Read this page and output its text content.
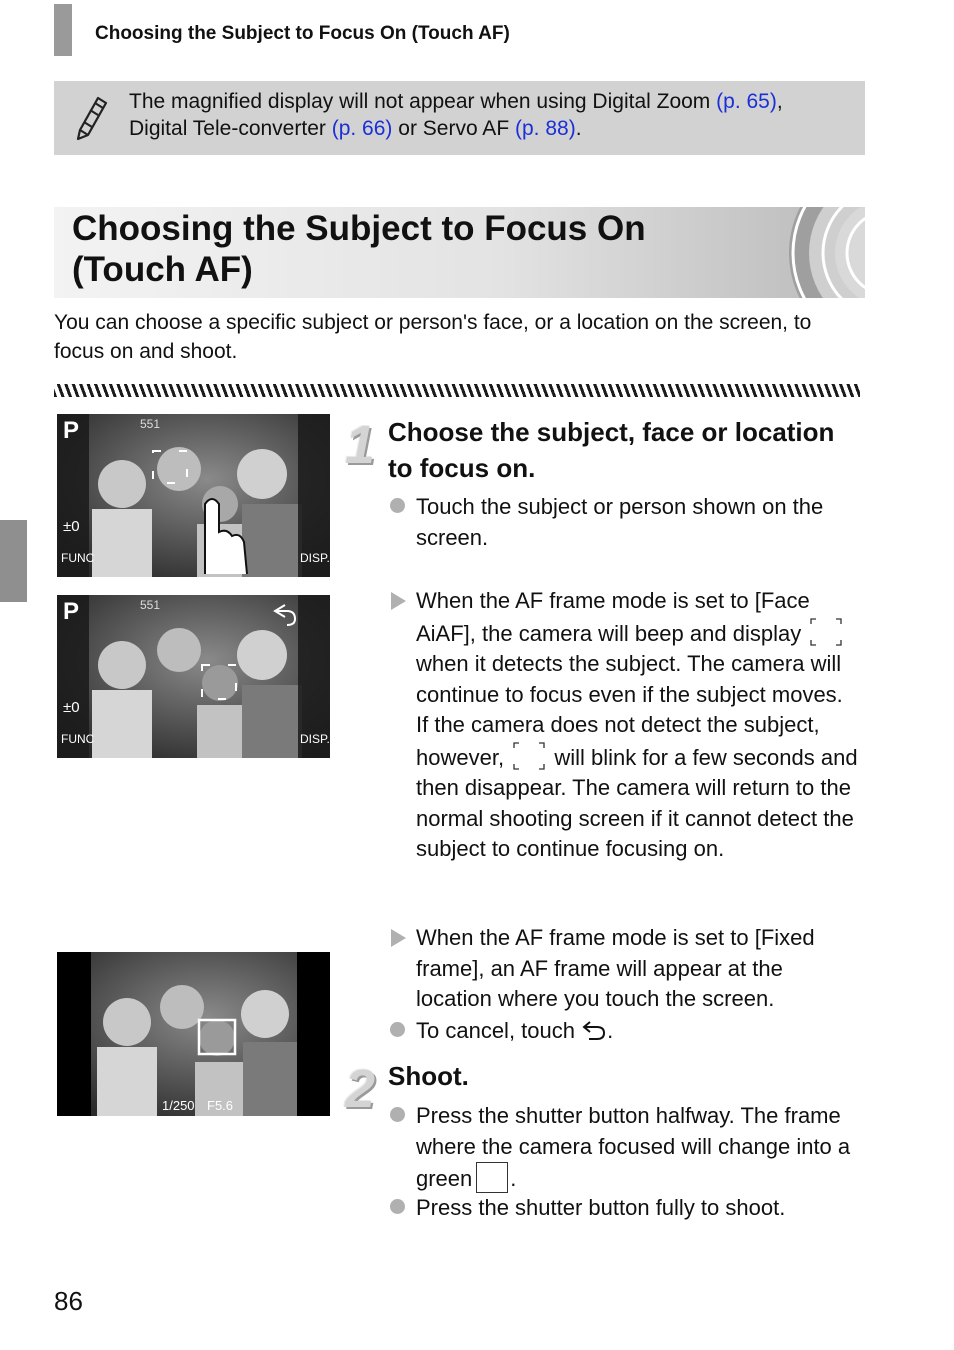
Choosing the Subject to Focus On (Touch AF)
The magnified display will not appear when using Digital Zoom (p. 65),
Digital Tele-converter (p. 66) or Servo AF (p. 88).
Choosing the Subject to Focus On (Touch AF)
You can choose a specific subject or person's face, or a location on the screen, to focus on and shoot.
P	551
±0
FUNC	DISP.
P	551
±0
FUNC	DISP.
1/250 F5.6
1 Choose the subject, face or location to focus on.
Touch the subject or person shown on the screen.
When the AF frame mode is set to [Face AiAF], the camera will beep and display  when it detects the subject. The camera will continue to focus even if the subject moves.
If the camera does not detect the subject, however, will blink for a few seconds and then disappear. The camera will return to the normal shooting screen if it cannot detect the subject to continue focusing on.
When the AF frame mode is set to [Fixed frame], an AF frame will appear at the location where you touch the screen.
To cancel, touch .
2 Shoot.
Press the shutter button halfway. The frame where the camera focused will change into a green .
Press the shutter button fully to shoot.
86
